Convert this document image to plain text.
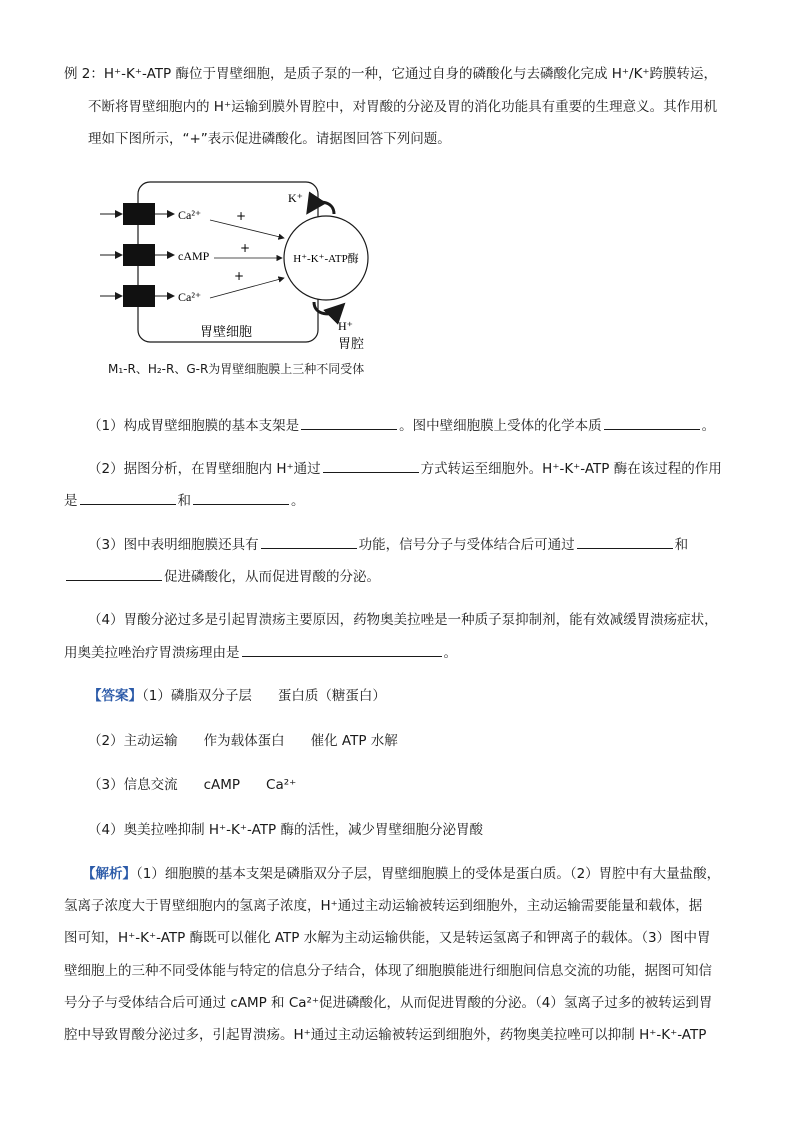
例 2：H⁺-K⁺-ATP 酶位于胃壁细胞，是质子泵的一种，它通过自身的磷酸化与去磷酸化完成 H⁺/K⁺跨膜转运，
不断将胃壁细胞内的 H⁺运输到膜外胃腔中，对胃酸的分泌及胃的消化功能具有重要的生理意义。其作用机
理如下图所示，“+”表示促进磷酸化。请据图回答下列问题。
Ca²⁺
cAMP
Ca²⁺
+
+
+
H⁺-K⁺-ATP酶
K⁺
H⁺
胃壁细胞
胃腔
M₁-R、H₂-R、G-R为胃壁细胞膜上三种不同受体
（1）构成胃壁细胞膜的基本支架是	。图中壁细胞膜上受体的化学本质	。
（2）据图分析，在胃壁细胞内 H⁺通过	方式转运至细胞外。H⁺-K⁺-ATP 酶在该过程的作用
是	和	。
（3）图中表明细胞膜还具有	功能，信号分子与受体结合后可通过	和
促进磷酸化，从而促进胃酸的分泌。
（4）胃酸分泌过多是引起胃溃疡主要原因，药物奥美拉唑是一种质子泵抑制剂，能有效减缓胃溃疡症状，
用奥美拉唑治疗胃溃疡理由是	。
【答案】（1）磷脂双分子层 蛋白质（糖蛋白）
（2）主动运输 作为载体蛋白 催化 ATP 水解
（3）信息交流 cAMP Ca²⁺
（4）奥美拉唑抑制 H⁺-K⁺-ATP 酶的活性，减少胃壁细胞分泌胃酸
【解析】（1）细胞膜的基本支架是磷脂双分子层，胃壁细胞膜上的受体是蛋白质。（2）胃腔中有大量盐酸，
氢离子浓度大于胃壁细胞内的氢离子浓度，H⁺通过主动运输被转运到细胞外，主动运输需要能量和载体，据
图可知，H⁺-K⁺-ATP 酶既可以催化 ATP 水解为主动运输供能，又是转运氢离子和钾离子的载体。（3）图中胃
壁细胞上的三种不同受体能与特定的信息分子结合，体现了细胞膜能进行细胞间信息交流的功能，据图可知信
号分子与受体结合后可通过 cAMP 和 Ca²⁺促进磷酸化，从而促进胃酸的分泌。（4）氢离子过多的被转运到胃
腔中导致胃酸分泌过多，引起胃溃疡。H⁺通过主动运输被转运到细胞外，药物奥美拉唑可以抑制 H⁺-K⁺-ATP
